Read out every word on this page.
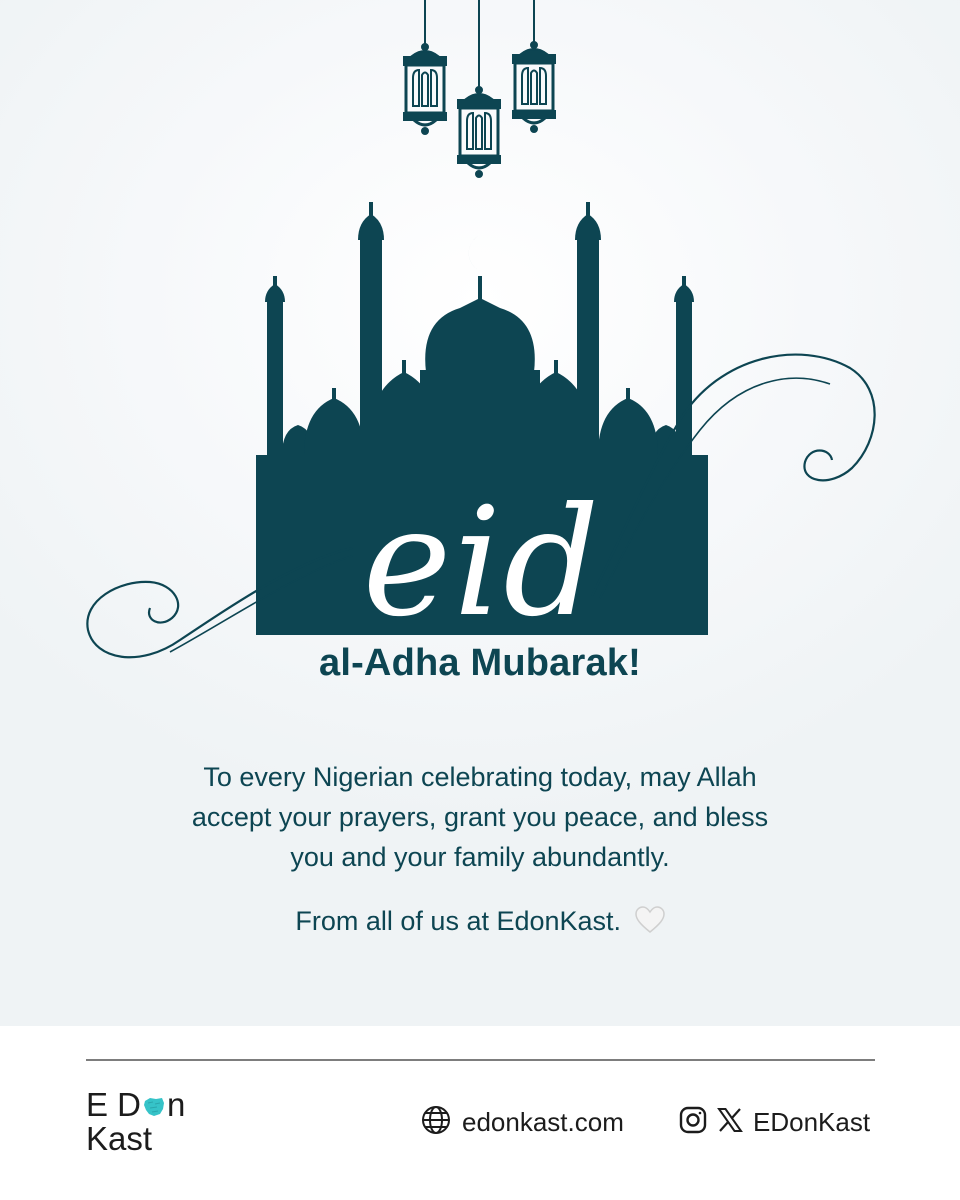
eid
al-Adha Mubarak!
To every Nigerian celebrating today, may Allah
accept your prayers, grant you peace, and bless
you and your family abundantly.
From all of us at EdonKast.
E D n
Kast	edonkast.com	EDonKast
